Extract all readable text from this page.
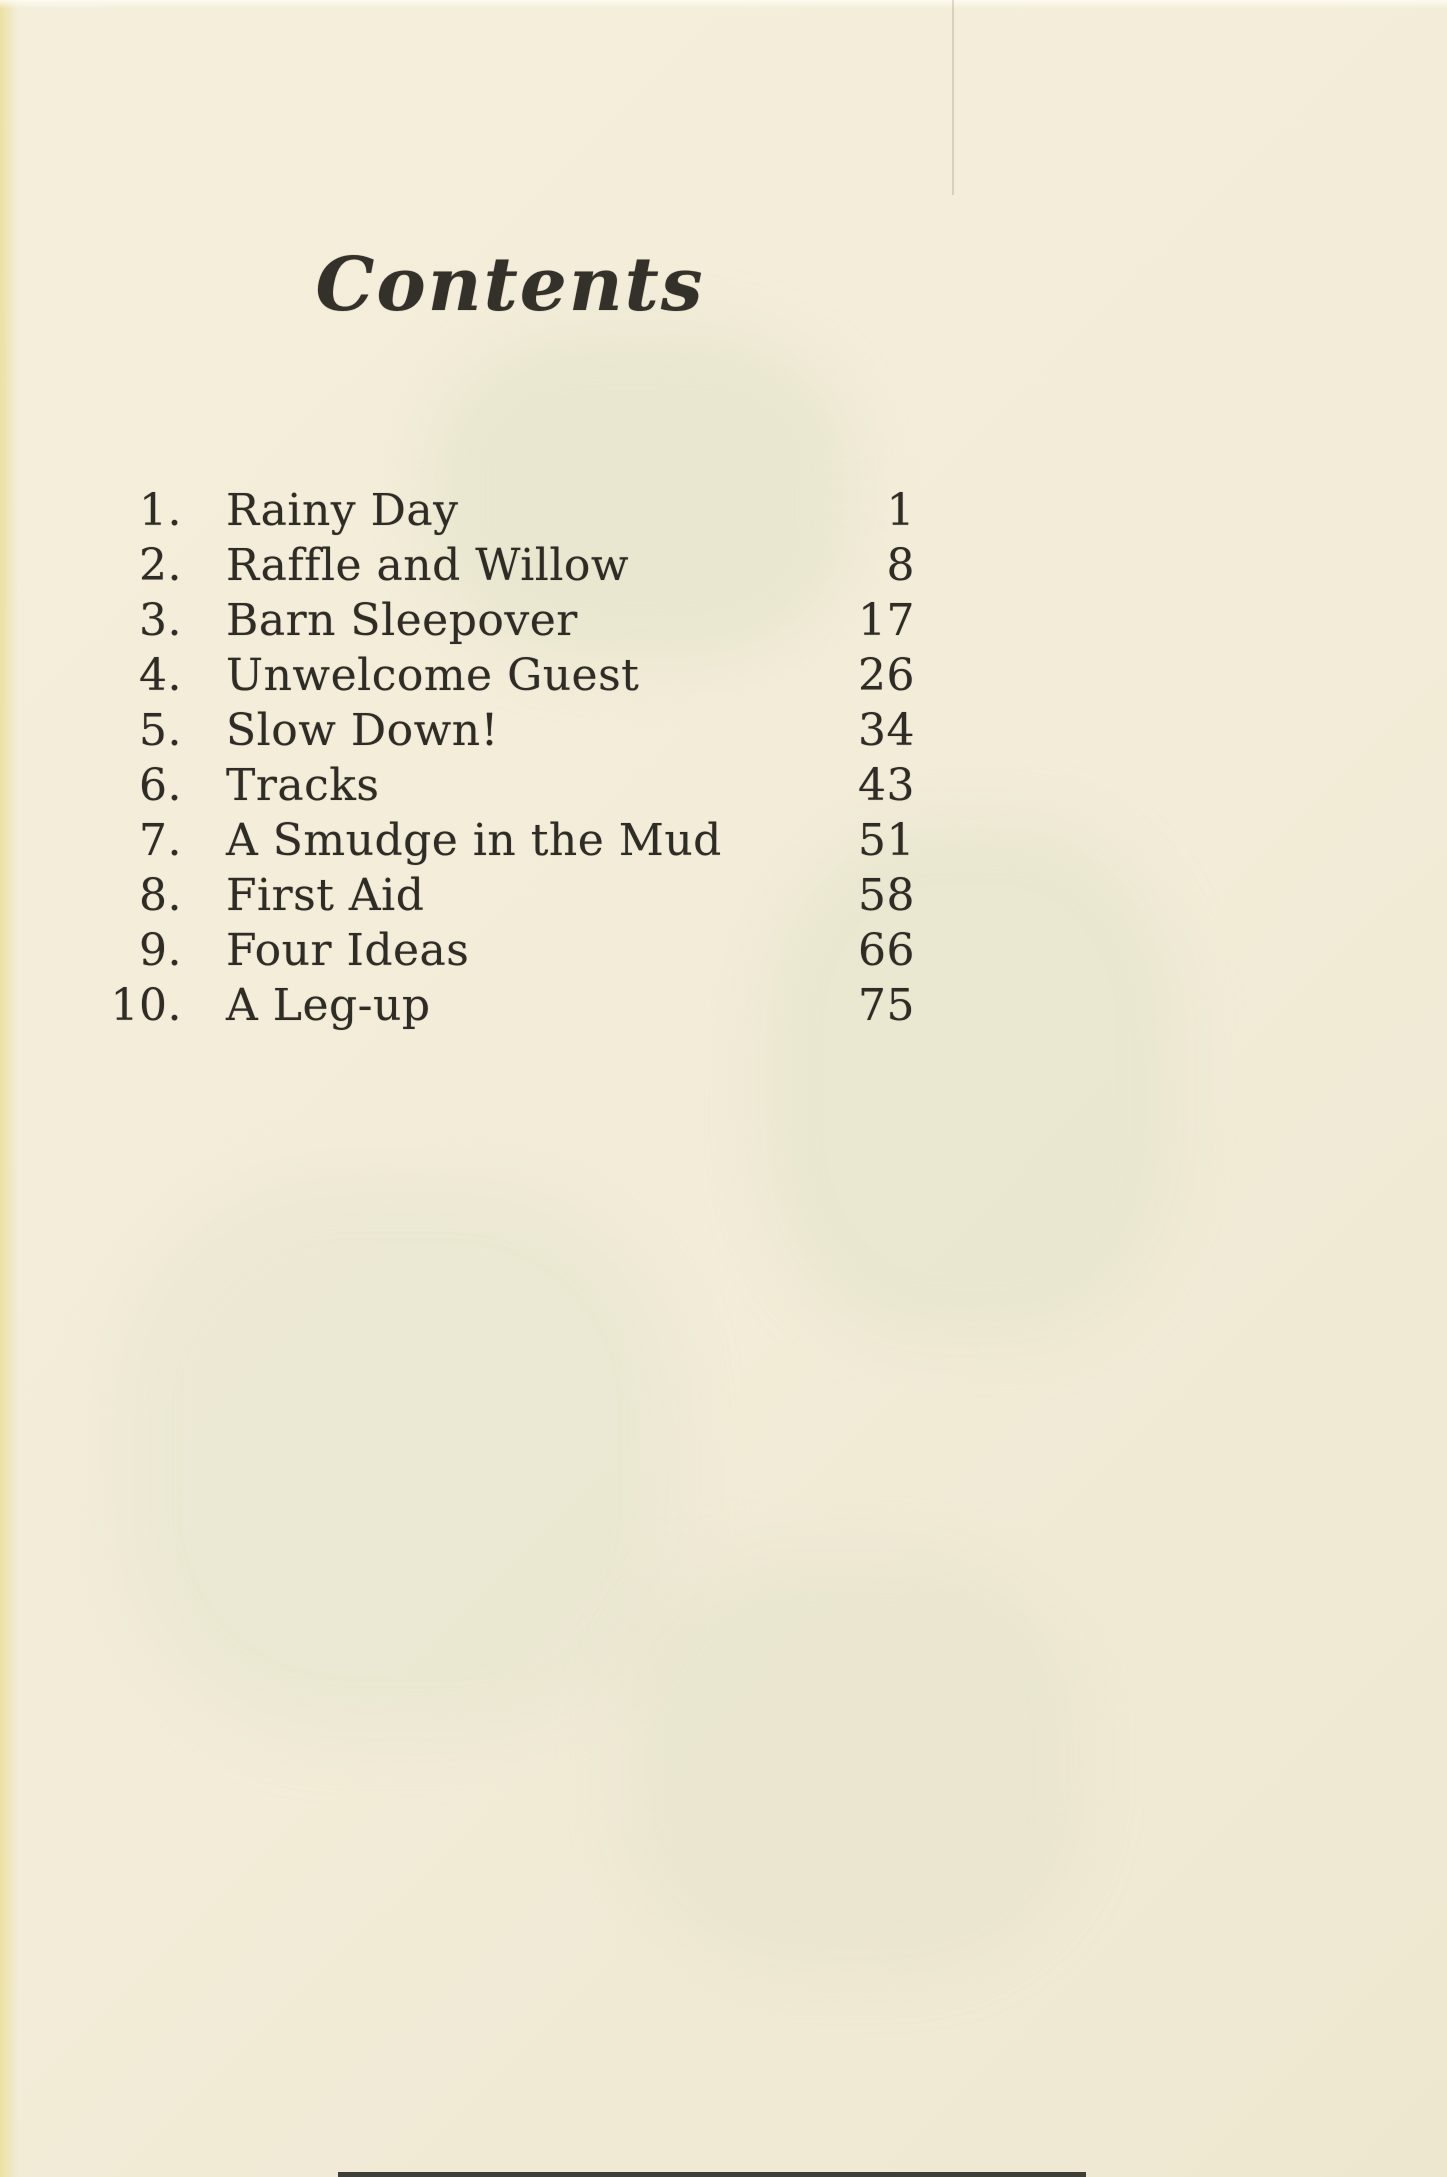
Contents
1.	Rainy Day	1
2.	Raffle and Willow	8
3.	Barn Sleepover	17
4.	Unwelcome Guest	26
5.	Slow Down!	34
6.	Tracks	43
7.	A Smudge in the Mud	51
8.	First Aid	58
9.	Four Ideas	66
10.	A Leg-up	75
